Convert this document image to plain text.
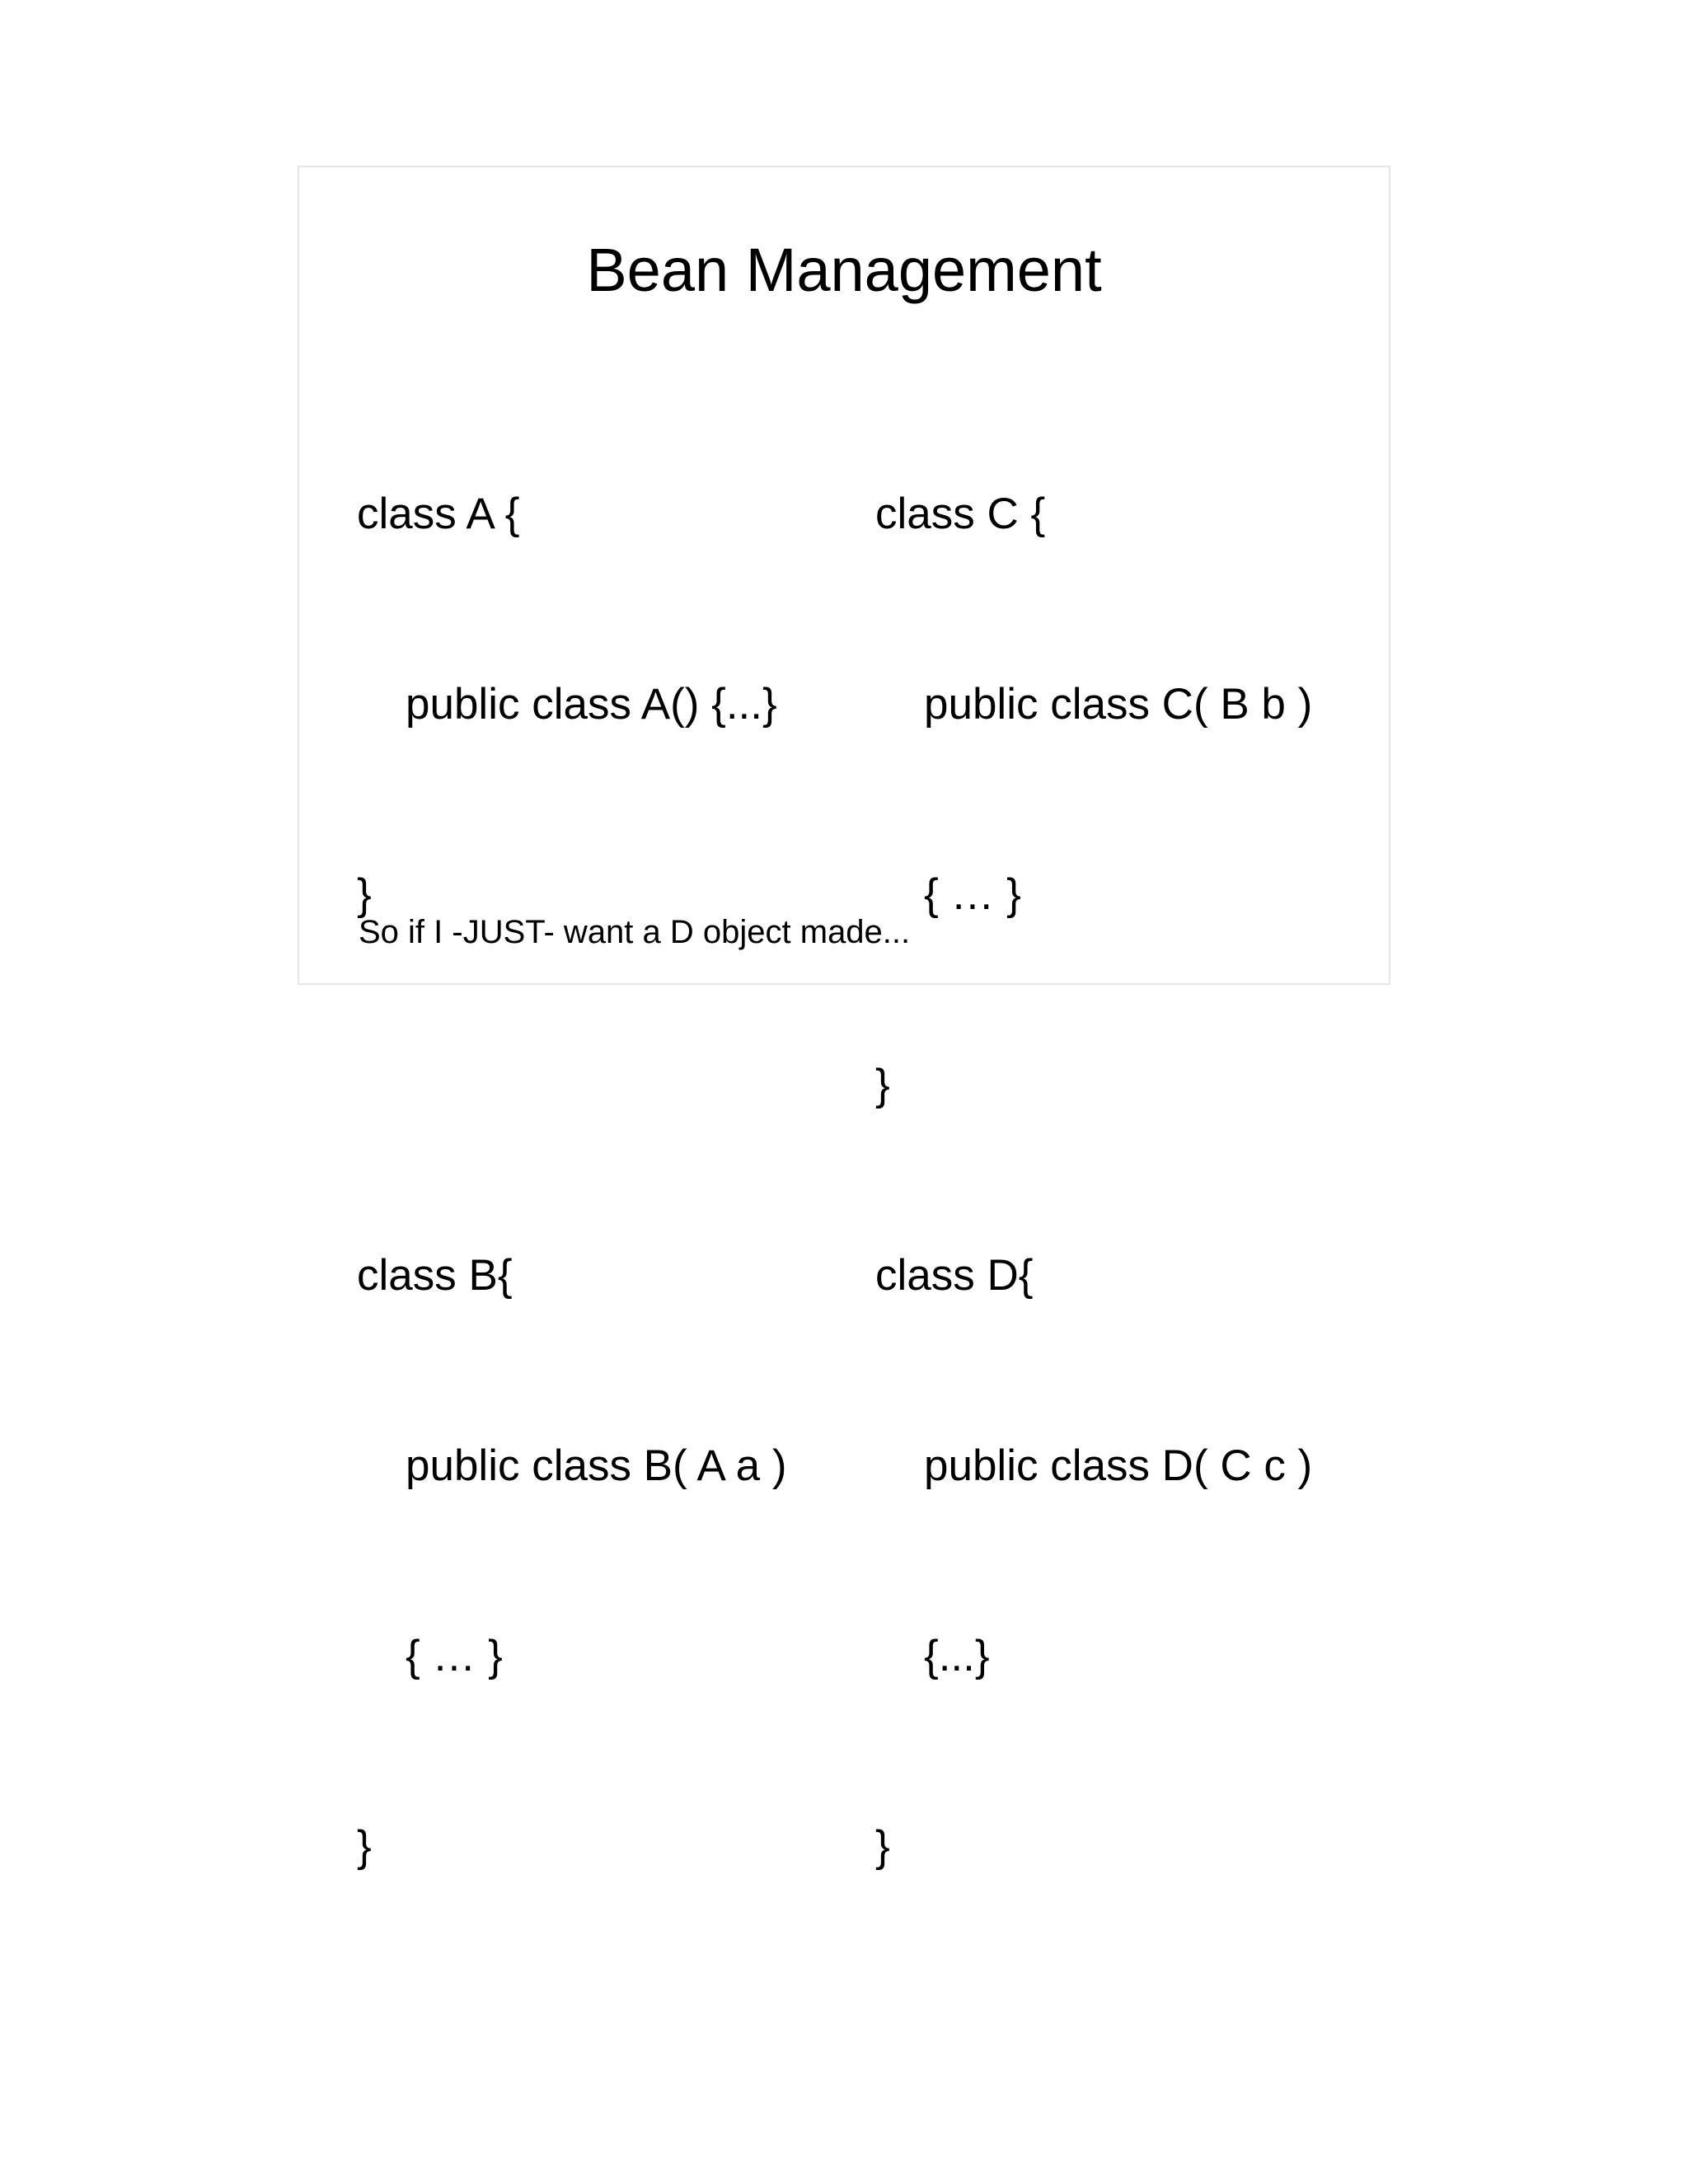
Bean Management

class A {

public class A() {...}

}

class B{

public class B( A a )

{ … }

}

class C {

public class C( B b )

{ … }

}

class D{

public class D( C c )

{...}

}

So if I -JUST- want a D object made...
